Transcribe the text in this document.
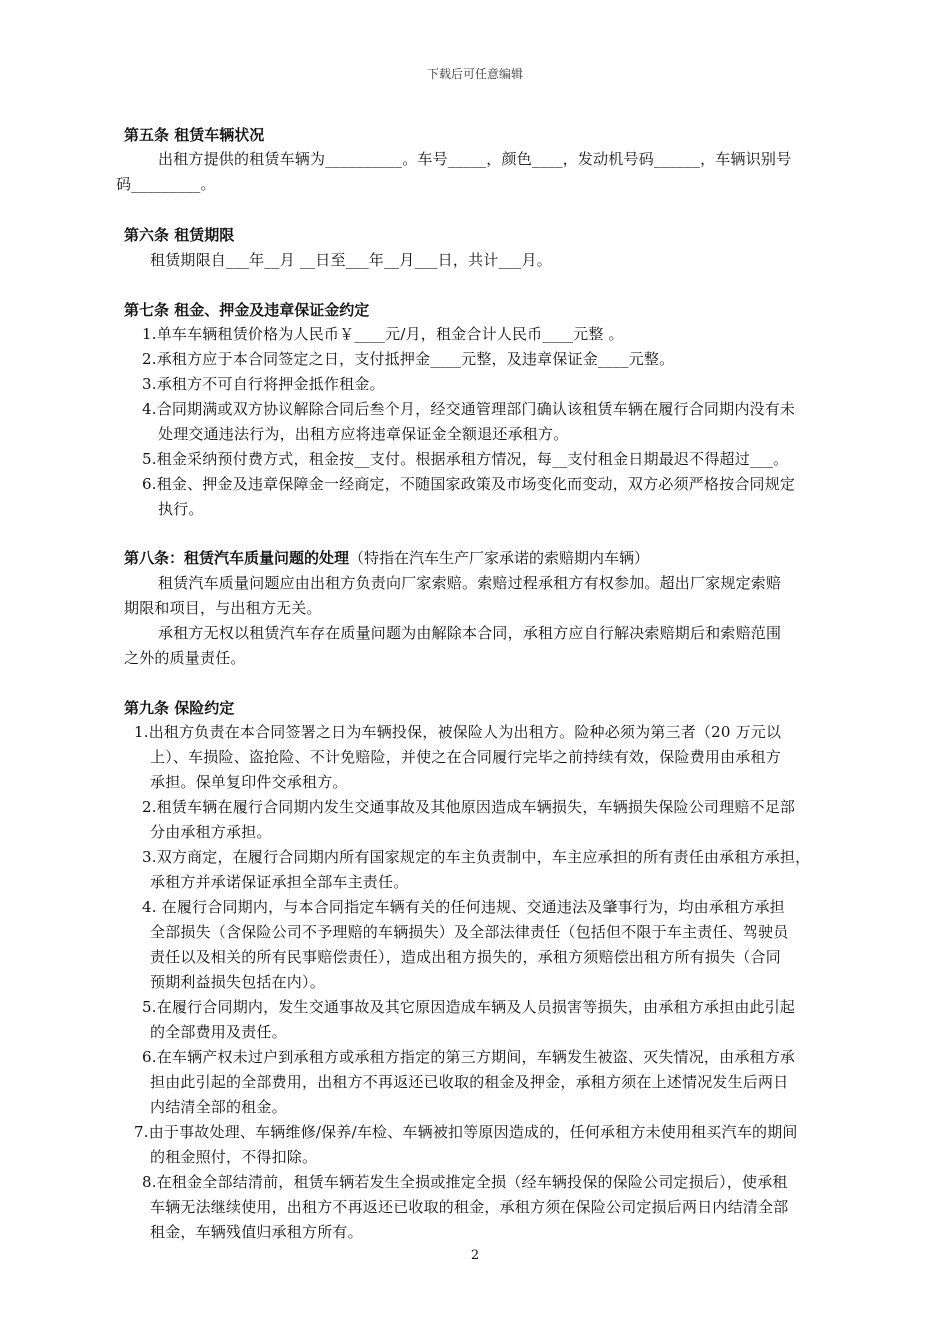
下载后可任意编辑
第五条 租赁车辆状况
出租方提供的租赁车辆为__________。车号_____，颜色____，发动机号码______，车辆识别号
码_________。
第六条 租赁期限
租赁期限自___年__月 __日至___年__月___日，共计___月。
第七条 租金、押金及违章保证金约定
1.单车车辆租赁价格为人民币￥____元/月，租金合计人民币____元整 。
2.承租方应于本合同签定之日，支付抵押金____元整，及违章保证金____元整。
3.承租方不可自行将押金抵作租金。
4.合同期满或双方协议解除合同后叁个月，经交通管理部门确认该租赁车辆在履行合同期内没有未
处理交通违法行为，出租方应将违章保证金全额退还承租方。
5.租金采纳预付费方式，租金按__支付。根据承租方情况，每__支付租金日期最迟不得超过___。
6.租金、押金及违章保障金一经商定，不随国家政策及市场变化而变动，双方必须严格按合同规定
执行。
第八条：租赁汽车质量问题的处理（特指在汽车生产厂家承诺的索赔期内车辆）
租赁汽车质量问题应由出租方负责向厂家索赔。索赔过程承租方有权参加。超出厂家规定索赔
期限和项目，与出租方无关。
承租方无权以租赁汽车存在质量问题为由解除本合同，承租方应自行解决索赔期后和索赔范围
之外的质量责任。
第九条 保险约定
1.出租方负责在本合同签署之日为车辆投保，被保险人为出租方。险种必须为第三者（20 万元以
上）、车损险、盗抢险、不计免赔险，并使之在合同履行完毕之前持续有效，保险费用由承租方
承担。保单复印件交承租方。
2.租赁车辆在履行合同期内发生交通事故及其他原因造成车辆损失，车辆损失保险公司理赔不足部
分由承租方承担。
3.双方商定，在履行合同期内所有国家规定的车主负责制中，车主应承担的所有责任由承租方承担，
承租方并承诺保证承担全部车主责任。
4. 在履行合同期内，与本合同指定车辆有关的任何违规、交通违法及肇事行为，均由承租方承担
全部损失（含保险公司不予理赔的车辆损失）及全部法律责任（包括但不限于车主责任、驾驶员
责任以及相关的所有民事赔偿责任），造成出租方损失的，承租方须赔偿出租方所有损失（合同
预期利益损失包括在内）。
5.在履行合同期内，发生交通事故及其它原因造成车辆及人员损害等损失，由承租方承担由此引起
的全部费用及责任。
6.在车辆产权未过户到承租方或承租方指定的第三方期间，车辆发生被盗、灭失情况，由承租方承
担由此引起的全部费用，出租方不再返还已收取的租金及押金，承租方须在上述情况发生后两日
内结清全部的租金。
7.由于事故处理、车辆维修/保养/车检、车辆被扣等原因造成的，任何承租方未使用租买汽车的期间
的租金照付，不得扣除。
8.在租金全部结清前，租赁车辆若发生全损或推定全损（经车辆投保的保险公司定损后），使承租
车辆无法继续使用，出租方不再返还已收取的租金，承租方须在保险公司定损后两日内结清全部
租金，车辆残值归承租方所有。
2
